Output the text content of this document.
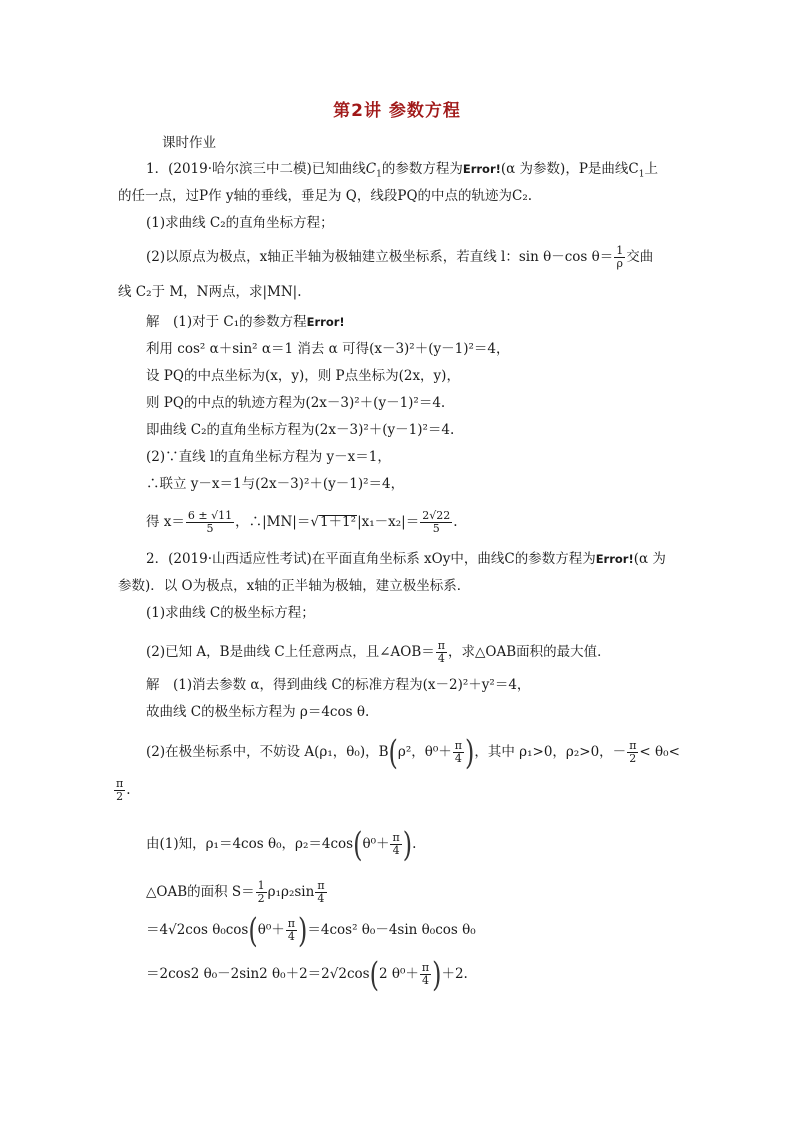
第2讲 参数方程
课时作业
1．(2019·哈尔滨三中二模)已知曲线$C_1$的参数方程为Error!(α 为参数)，P是曲线$C_1$上
的任一点，过P作 y轴的垂线，垂足为 Q，线段PQ的中点的轨迹为C₂.
(1)求曲线 C₂的直角坐标方程；
(2)以原点为极点，x轴正半轴为极轴建立极坐标系，若直线 l：sin θ－cos $\theta= \frac{1}{\rho}$ 交曲
线 C₂于 M，N两点，求|MN|.
解　(1)对于 C₁的参数方程Error!
利用 cos² α＋sin² α＝1 消去 α 可得(x－3)²＋(y－1)²＝4，
设 PQ的中点坐标为(x，y)，则 P点坐标为(2x，y)，
则 PQ的中点的轨迹方程为(2x－3)²＋(y－1)²＝4.
即曲线 C₂的直角坐标方程为(2x－3)²＋(y－1)²＝4.
(2)∵直线 l的直角坐标方程为 y－x＝1，
∴联立 y－x＝1与(2x－3)²＋(y－1)²＝4，
得 $x= \frac{6 \pm √11}{5}$ ，∴|MN|＝√1＋1²|x₁－x₂|＝ $\frac{2√22}{5}$ .
2．(2019·山西适应性考试)在平面直角坐标系 xOy中，曲线C的参数方程为Error!(α 为
参数)．以 O为极点，x轴的正半轴为极轴，建立极坐标系．
(1)求曲线 C的极坐标方程；
(2)已知 A，B是曲线 C上任意两点，且∠AOB＝ $\frac{\pi}{4}$ ，求△OAB面积的最大值．
解　(1)消去参数 α，得到曲线 C的标准方程为(x－2)²＋y²＝4，
故曲线 C的极坐标方程为 ρ＝4cos θ.
(2)在极坐标系中，不妨设 A(ρ₁，θ₀)，B(ρ²，$\theta^0+ \frac{\pi}{4}$ )，其中 ρ₁>0，ρ₂>0，－ $\frac{\pi}{2} < \theta_0<$
$\frac{\pi}{2}$ .
由(1)知，ρ₁＝4cos θ₀，$\rho_2=4\cos(\theta^0+ \frac{\pi}{4}$ ).
△OAB的面积 $S= \frac{1}{2} \rho_1\rho_2\sin \frac{\pi}{4}$
＝4√2cos $\theta_0\cos(\theta^0+ \frac{\pi}{4} )=4\cos^2$ θ₀－4sin θ₀cos θ₀
＝2cos2 θ₀－2sin2 θ₀＋2＝2√2cos(2 $\theta^0+ \frac{\pi}{4} )+2$.
